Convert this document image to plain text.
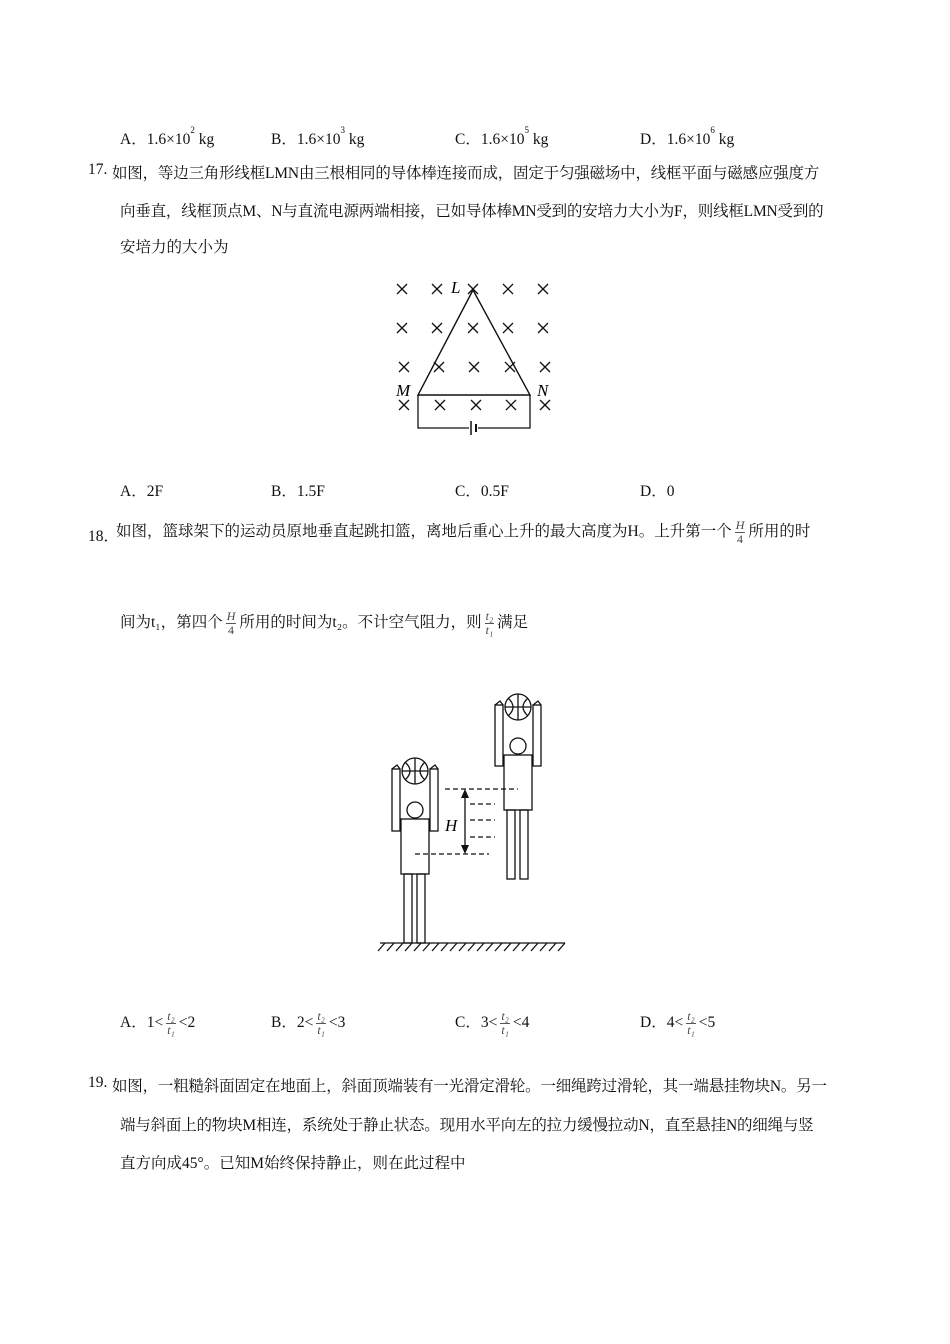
A．$1.6\times 10^2$ kg	B．$1.6\times 10^3$ kg	C．$1.6\times 10^5$ kg	D．$1.6\times 10^6$ kg
17. 如图，等边三角形线框LMN由三根相同的导体棒连接而成，固定于匀强磁场中，线框平面与磁感应强度方
向垂直，线框顶点M、N与直流电源两端相接，已如导体棒MN受到的安培力大小为F，则线框LMN受到的
安培力的大小为
L
M	N
A．2F	B．1.5F	C．0.5F	D．0
18．
如图，篮球架下的运动员原地垂直起跳扣篮，离地后重心上升的最大高度为H。上升第一个 $\frac{H}{4}$ 所用的时
间为t₁，第四个 $\frac{H}{4}$ 所用的时间为t₂。不计空气阻力，则 $\frac{\text{t₂}}{\text{t₁}}$ 满足
H
A．$1< \frac{\text{t₂}}{\text{t₁}} <2$	B．$2< \frac{\text{t₂}}{\text{t₁}} <3$	C．$3< \frac{\text{t₂}}{\text{t₁}} <4$	D．$4< \frac{\text{t₂}}{\text{t₁}} <5$
19. 如图，一粗糙斜面固定在地面上，斜面顶端装有一光滑定滑轮。一细绳跨过滑轮，其一端悬挂物块N。另一
端与斜面上的物块M相连，系统处于静止状态。现用水平向左的拉力缓慢拉动N，直至悬挂N的细绳与竖
直方向成45°。已知M始终保持静止，则在此过程中
